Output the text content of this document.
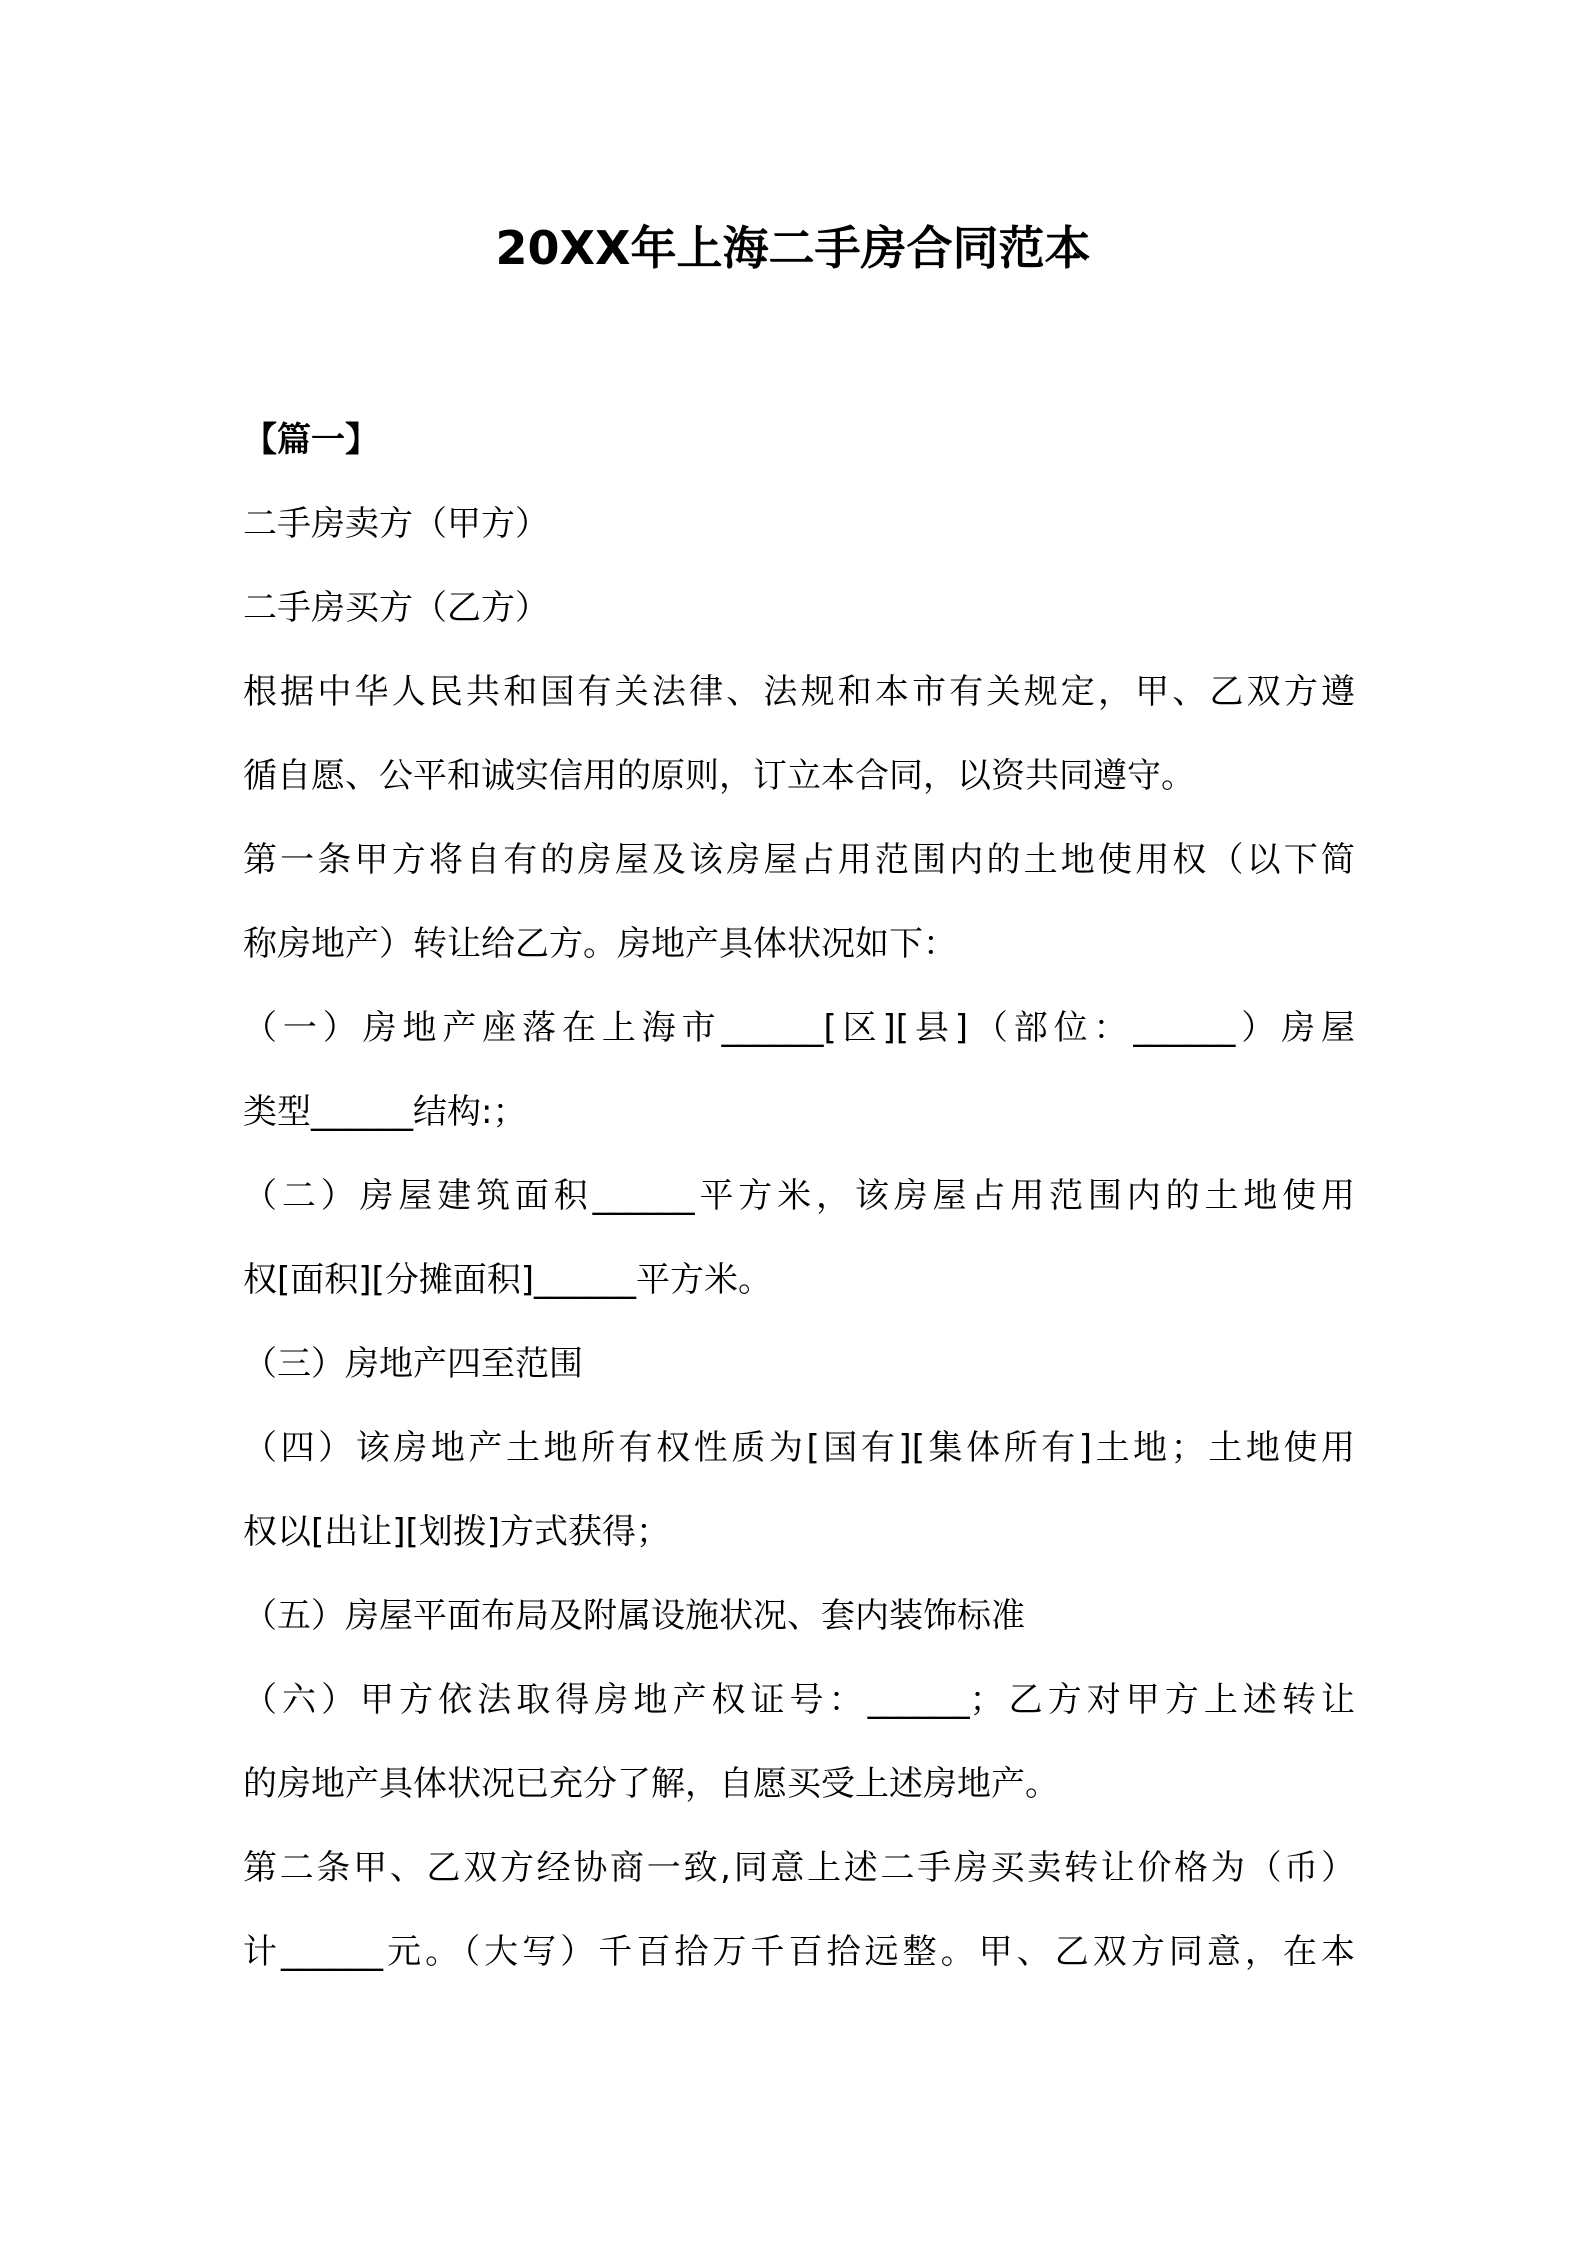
20XX年上海二手房合同范本
【篇一】
二手房卖方（甲方）
二手房买方（乙方）
根据中华人民共和国有关法律、法规和本市有关规定，甲、乙双方遵
循自愿、公平和诚实信用的原则，订立本合同，以资共同遵守。
第一条甲方将自有的房屋及该房屋占用范围内的土地使用权（以下简
称房地产）转让给乙方。房地产具体状况如下：
（一）房地产座落在上海市______[区][县]（部位：______）房屋
类型______结构:；
（二）房屋建筑面积______平方米，该房屋占用范围内的土地使用
权[面积][分摊面积]______平方米。
（三）房地产四至范围
（四）该房地产土地所有权性质为[国有][集体所有]土地；土地使用
权以[出让][划拨]方式获得；
（五）房屋平面布局及附属设施状况、套内装饰标准
（六）甲方依法取得房地产权证号：______；乙方对甲方上述转让
的房地产具体状况已充分了解，自愿买受上述房地产。
第二条甲、乙双方经协商一致,同意上述二手房买卖转让价格为（币）
计______元。（大写）千百拾万千百拾远整。甲、乙双方同意，在本
